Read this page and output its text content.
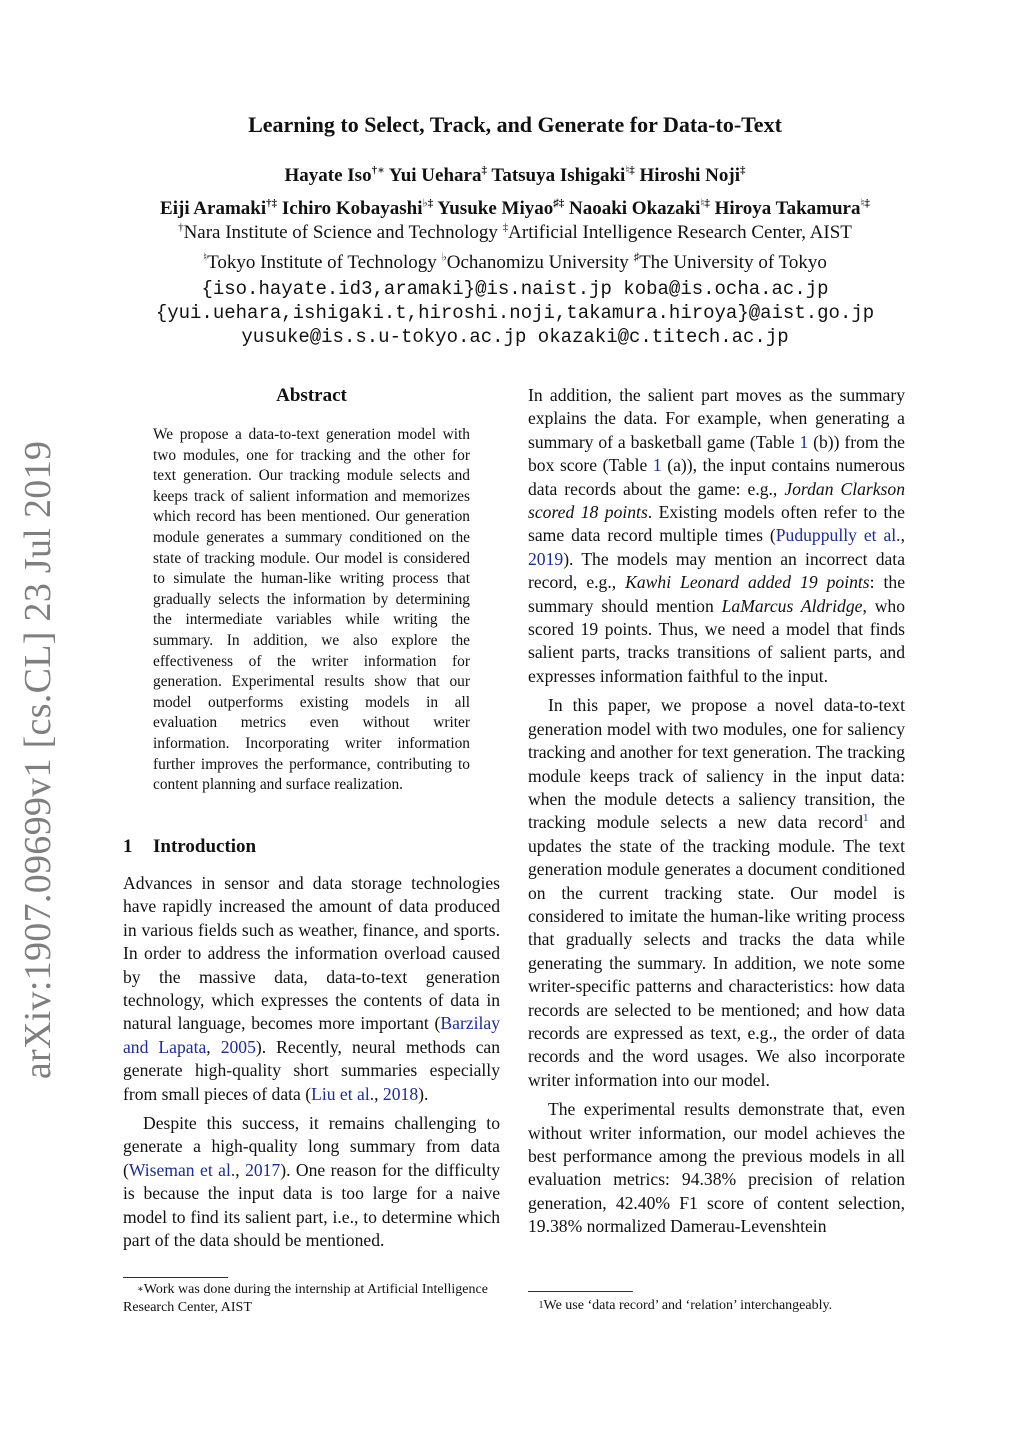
arXiv:1907.09699v1 [cs.CL] 23 Jul 2019
Learning to Select, Track, and Generate for Data-to-Text
Hayate Iso†∗ Yui Uehara‡ Tatsuya Ishigaki♮‡ Hiroshi Noji‡
Eiji Aramaki†‡ Ichiro Kobayashi♭‡ Yusuke Miyao♯‡ Naoaki Okazaki♮‡ Hiroya Takamura♮‡
†Nara Institute of Science and Technology ‡Artificial Intelligence Research Center, AIST
♮Tokyo Institute of Technology ♭Ochanomizu University ♯The University of Tokyo
{iso.hayate.id3,aramaki}@is.naist.jp koba@is.ocha.ac.jp
{yui.uehara,ishigaki.t,hiroshi.noji,takamura.hiroya}@aist.go.jp
yusuke@is.s.u-tokyo.ac.jp okazaki@c.titech.ac.jp
Abstract
We propose a data-to-text generation model with two modules, one for tracking and the other for text generation. Our tracking module selects and keeps track of salient information and memorizes which record has been mentioned. Our generation module generates a summary conditioned on the state of tracking module. Our model is considered to simulate the human-like writing process that gradually selects the information by determining the intermediate variables while writing the summary. In addition, we also explore the effectiveness of the writer information for generation. Experimental results show that our model outperforms existing models in all evaluation metrics even without writer information. Incorporating writer information further improves the performance, contributing to content planning and surface realization.
1 Introduction

Advances in sensor and data storage technologies have rapidly increased the amount of data produced in various fields such as weather, finance, and sports. In order to address the information overload caused by the massive data, data-to-text generation technology, which expresses the contents of data in natural language, becomes more important (Barzilay and Lapata, 2005). Recently, neural methods can generate high-quality short summaries especially from small pieces of data (Liu et al., 2018).

Despite this success, it remains challenging to generate a high-quality long summary from data (Wiseman et al., 2017). One reason for the difficulty is because the input data is too large for a naive model to find its salient part, i.e., to determine which part of the data should be mentioned.

In addition, the salient part moves as the summary explains the data. For example, when generating a summary of a basketball game (Table 1 (b)) from the box score (Table 1 (a)), the input contains numerous data records about the game: e.g., Jordan Clarkson scored 18 points. Existing models often refer to the same data record multiple times (Puduppully et al., 2019). The models may mention an incorrect data record, e.g., Kawhi Leonard added 19 points: the summary should mention LaMarcus Aldridge, who scored 19 points. Thus, we need a model that finds salient parts, tracks transitions of salient parts, and expresses information faithful to the input.

In this paper, we propose a novel data-to-text generation model with two modules, one for saliency tracking and another for text generation. The tracking module keeps track of saliency in the input data: when the module detects a saliency transition, the tracking module selects a new data record$^1$ and updates the state of the tracking module. The text generation module generates a document conditioned on the current tracking state. Our model is considered to imitate the human-like writing process that gradually selects and tracks the data while generating the summary. In addition, we note some writer-specific patterns and characteristics: how data records are selected to be mentioned; and how data records are expressed as text, e.g., the order of data records and the word usages. We also incorporate writer information into our model.

The experimental results demonstrate that, even without writer information, our model achieves the best performance among the previous models in all evaluation metrics: 94.38% precision of relation generation, 42.40% F1 score of content selection, 19.38% normalized Damerau-Levenshtein

∗Work was done during the internship at Artificial Intelligence Research Center, AIST	$^1$We use ‘data record’ and ‘relation’ interchangeably.
